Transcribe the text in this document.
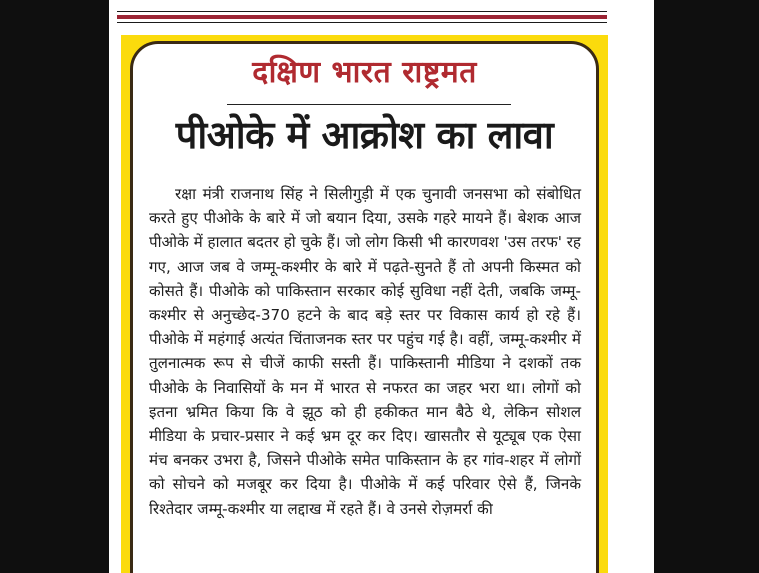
दक्षिण भारत राष्ट्रमत
पीओके में आक्रोश का लावा

रक्षा मंत्री राजनाथ सिंह ने सिलीगुड़ी में एक चुनावी जनसभा को संबोधित करते हुए पीओके के बारे में जो बयान दिया, उसके गहरे मायने हैं। बेशक आज पीओके में हालात बदतर हो चुके हैं। जो लोग किसी भी कारणवश 'उस तरफ' रह गए, आज जब वे जम्मू-कश्मीर के बारे में पढ़ते-सुनते हैं तो अपनी किस्मत को कोसते हैं। पीओके को पाकिस्तान सरकार कोई सुविधा नहीं देती, जबकि जम्मू-कश्मीर से अनुच्छेद-370 हटने के बाद बड़े स्तर पर विकास कार्य हो रहे हैं। पीओके में महंगाई अत्यंत चिंताजनक स्तर पर पहुंच गई है। वहीं, जम्मू-कश्मीर में तुलनात्मक रूप से चीजें काफी सस्ती हैं। पाकिस्तानी मीडिया ने दशकों तक पीओके के निवासियों के मन में भारत से नफरत का जहर भरा था। लोगों को इतना भ्रमित किया कि वे झूठ को ही हकीकत मान बैठे थे, लेकिन सोशल मीडिया के प्रचार-प्रसार ने कई भ्रम दूर कर दिए। खासतौर से यूट्यूब एक ऐसा मंच बनकर उभरा है, जिसने पीओके समेत पाकिस्तान के हर गांव-शहर में लोगों को सोचने को मजबूर कर दिया है। पीओके में कई परिवार ऐसे हैं, जिनके रिश्तेदार जम्मू-कश्मीर या लद्दाख में रहते हैं। वे उनसे रोज़मर्रा की
